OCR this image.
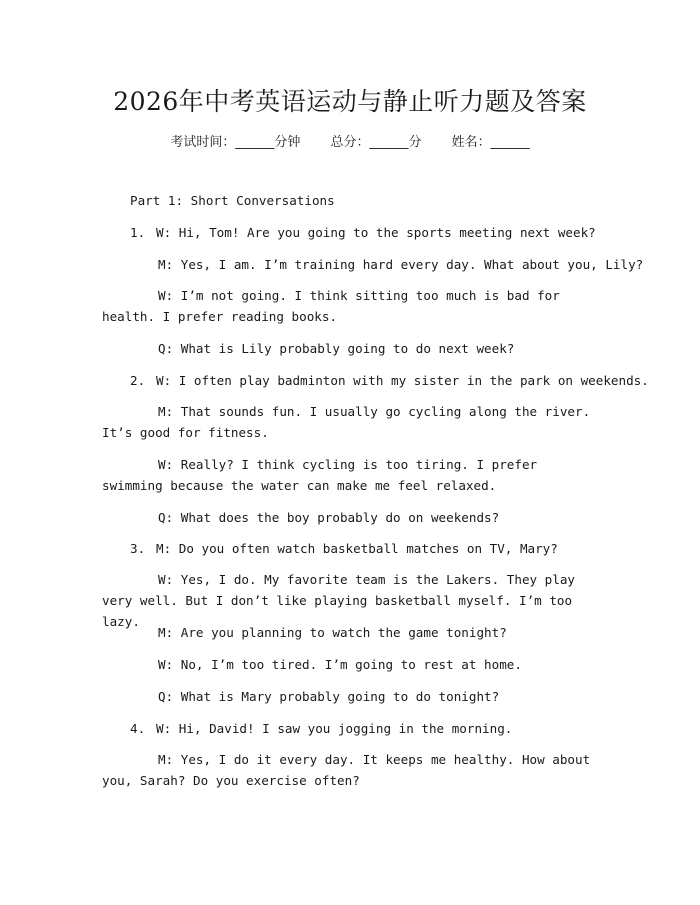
2026年中考英语运动与静止听力题及答案
考试时间：______分钟 总分：______分 姓名：______
Part 1: Short Conversations
1. W: Hi, Tom! Are you going to the sports meeting next week?
M: Yes, I am. I’m training hard every day. What about you, Lily?
W: I’m not going. I think sitting too much is bad for health. I prefer reading books.
Q: What is Lily probably going to do next week?
2. W: I often play badminton with my sister in the park on weekends.
M: That sounds fun. I usually go cycling along the river. It’s good for fitness.
W: Really? I think cycling is too tiring. I prefer swimming because the water can make me feel relaxed.
Q: What does the boy probably do on weekends?
3. M: Do you often watch basketball matches on TV, Mary?
W: Yes, I do. My favorite team is the Lakers. They play very well. But I don’t like playing basketball myself. I’m too lazy.
M: Are you planning to watch the game tonight?
W: No, I’m too tired. I’m going to rest at home.
Q: What is Mary probably going to do tonight?
4. W: Hi, David! I saw you jogging in the morning.
M: Yes, I do it every day. It keeps me healthy. How about you, Sarah? Do you exercise often?
